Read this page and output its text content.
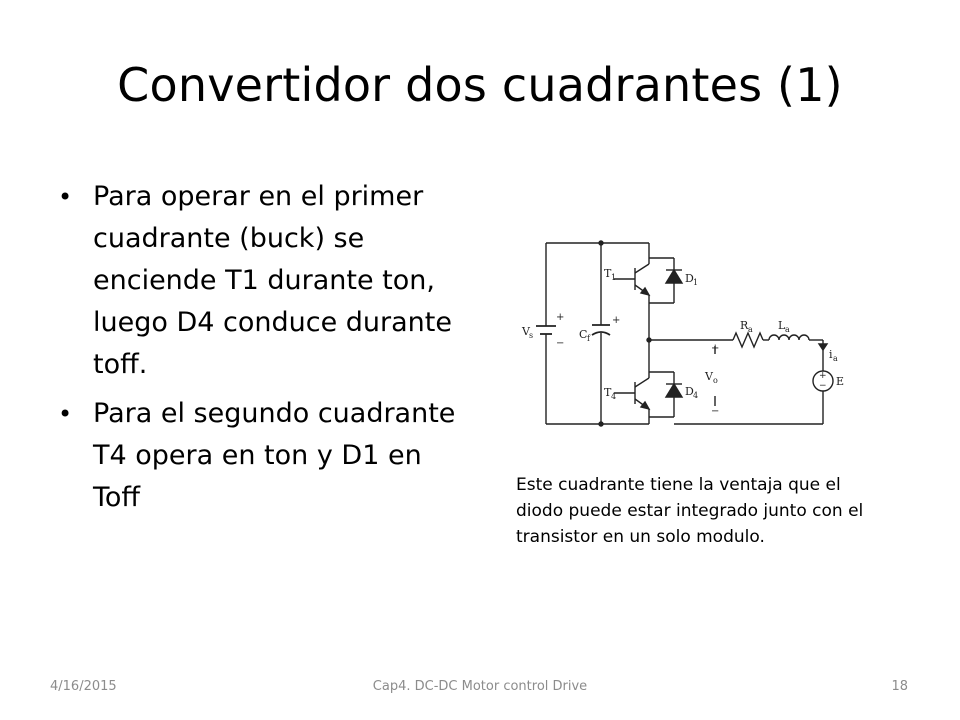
Convertidor dos cuadrantes (1)
• Para operar en el primer cuadrante (buck) se enciende T1 durante ton, luego D4 conduce durante toff.
• Para el segundo cuadrante T4 opera en ton y D1 en Toff
V s
+
−
C f
+
T 1	D 1
T 4	D 4
+
V o
−
R a L a
i a
+
− E

Este cuadrante tiene la ventaja que el diodo puede estar integrado junto con el transistor en un solo modulo.

4/16/2015	Cap4. DC-DC Motor control Drive	18
